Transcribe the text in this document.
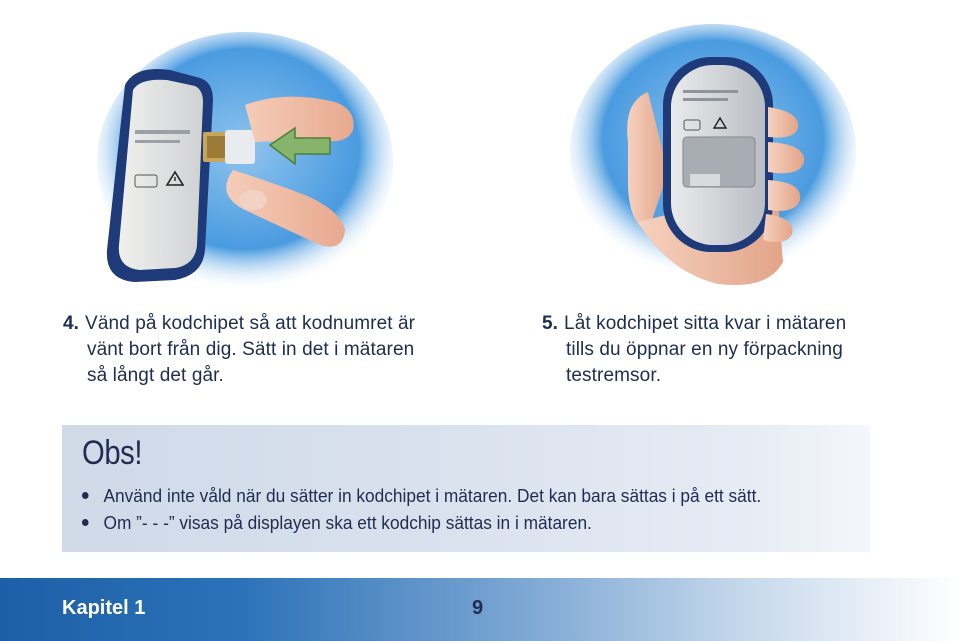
4. Vänd på kodchipet så att kodnumret är
vänt bort från dig. Sätt in det i mätaren
så långt det går.
5. Låt kodchipet sitta kvar i mätaren
tills du öppnar en ny förpackning
testremsor.
Obs!
Använd inte våld när du sätter in kodchipet i mätaren. Det kan bara sättas i på ett sätt.
Om ”- - -” visas på displayen ska ett kodchip sättas in i mätaren.
Kapitel 1	9
